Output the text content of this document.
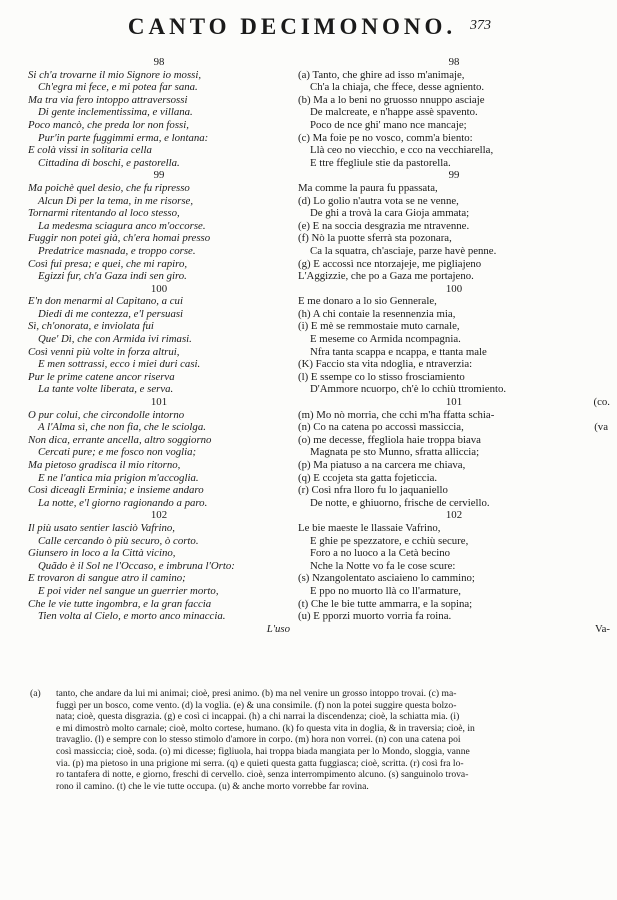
CANTO DECIMONONO. 373
98
Si ch'a trovarne il mio Signore io mossi,
Ch'egra mi fece, e mi potea far sana.
Ma tra via fero intoppo attraversossi
Di gente inclementissima, e villana.
Poco mancò, che preda lor non fossi,
Pur'in parte fuggimmi erma, e lontana:
E colà vissi in solitaria cella
Cittadina di boschi, e pastorella.
99
Ma poichè quel desio, che fu ripresso
Alcun Dì per la tema, in me risorse,
Tornarmi ritentando al loco stesso,
La medesma sciagura anco m'occorse.
Fuggir non potei già, ch'era homai presso
Predatrice masnada, e troppo corse.
Così fui presa; e quei, che mi rapiro,
Egizzi fur, ch'a Gaza indi sen giro.
100
E'n don menarmi al Capitano, a cui
Diedi di me contezza, e'l persuasi
Sì, ch'onorata, e inviolata fui
Que' Dì, che con Armida ivi rimasi.
Così venni più volte in forza altrui,
E men sottrassi, ecco i miei duri casi.
Pur le prime catene ancor riserva
La tante volte liberata, e serva.
101
O pur colui, che circondolle intorno
A l'Alma sì, che non fia, che le sciolga.
Non dica, errante ancella, altro soggiorno
Cercati pure; e me fosco non voglia;
Ma pietoso gradisca il mio ritorno,
E ne l'antica mia prigion m'accoglia.
Così diceagli Erminia; e insieme andaro
La notte, e'l giorno ragionando a paro.
102
Il più usato sentier lasciò Vafrino,
Calle cercando ò più securo, ò corto.
Giunsero in loco a la Città vicino,
Quãdo è il Sol ne l'Occaso, e imbruna l'Orto:
E trovaron di sangue atro il camino;
E poi vider nel sangue un guerrier morto,
Che le vie tutte ingombra, e la gran faccia
Tien volta al Cielo, e morto anco minaccia.
L'uso
98
(a) Tanto, che ghire ad isso m'animaje,
Ch'a la chiaja, che ffece, desse agniento.
(b) Ma a lo beni no gruosso nnuppo asciaje
De malcreate, e n'happe assè spavento.
Poco de nce ghi' mano nce mancaje;
(c) Ma foie pe no vosco, comm'a biento:
Llà ceo no viecchio, e cco na vecchiarella,
E ttre ffegliule stie da pastorella.
99
Ma comme la paura fu ppassata,
(d) Lo golio n'autra vota se ne venne,
De ghi a trovà la cara Gioja ammata;
(e) E na soccia desgrazia me ntravenne.
(f) Nò la puotte sferrà sta pozonara,
Ca la squatra, ch'asciaje, parze havè penne.
(g) E accossì nce ntorzajeje, me pigliajeno
L'Aggizzie, che po a Gaza me portajeno.
100
E me donaro a lo sio Gennerale,
(h) A chi contaie la resennenzia mia,
(i) E mè se remmostaie muto carnale,
E meseme co Armida ncompagnia.
Nfra tanta scappa e ncappa, e ttanta male
(K) Faccio sta vita ndoglia, e ntraverzia:
(l) E ssempe co lo stisso frosciamiento
D'Ammore ncuorpo, ch'è lo cchiù ttromiento.
101	(co.
(m) Mo nò morria, che cchi m'ha ffatta schia-
(n) Co na catena po accossì massiccia,	(va
(o) me decesse, ffegliola haie troppa biava
Magnata pe sto Munno, sfratta alliccia;
(p) Ma piatuso a na carcera me chiava,
(q) E ccojeta sta gatta fojeticcia.
(r) Così nfra lloro fu lo jaquaniello
De notte, e ghiuorno, frische de cerviello.
102
Le bie maeste le llassaie Vafrino,
E ghie pe spezzatore, e cchiù secure,
Foro a no luoco a la Cetà becino
Nche la Notte vo fa le cose scure:
(s) Nzangolentato asciaieno lo cammino;
E ppo no muorto llà co ll'armature,
(t) Che le bie tutte ammarra, e la sopina;
(u) E pporzi muorto vorria fa roina.
Va-
(a) tanto, che andare da lui mi animai; cioè, presi animo. (b) ma nel venire un grosso intoppo trovai. (c) ma-
fuggì per un bosco, come vento. (d) la voglia. (e) & una consimile. (f) non la potei suggire questa bolzo-
nata; cioè, questa disgrazia. (g) e così ci incappai. (h) a chi narrai la discendenza; cioè, la schiatta mia. (i)
e mi dimostrò molto carnale; cioè, molto cortese, humano. (k) fo questa vita in doglia, & in traversia; cioè, in
travaglio. (l) e sempre con lo stesso stimolo d'amore in corpo. (m) hora non vorrei. (n) con una catena poi
così massiccia; cioè, soda. (o) mi dicesse; figliuola, hai troppa biada mangiata per lo Mondo, sloggia, vanne
via. (p) ma pietoso in una prigione mi serra. (q) e quieti questa gatta fuggiasca; cioè, scritta. (r) così fra lo-
ro tantafera di notte, e giorno, freschi di cervello. cioè, senza interrompimento alcuno. (s) sanguinolo trova-
rono il camino. (t) che le vie tutte occupa. (u) & anche morto vorrebbe far rovina.
